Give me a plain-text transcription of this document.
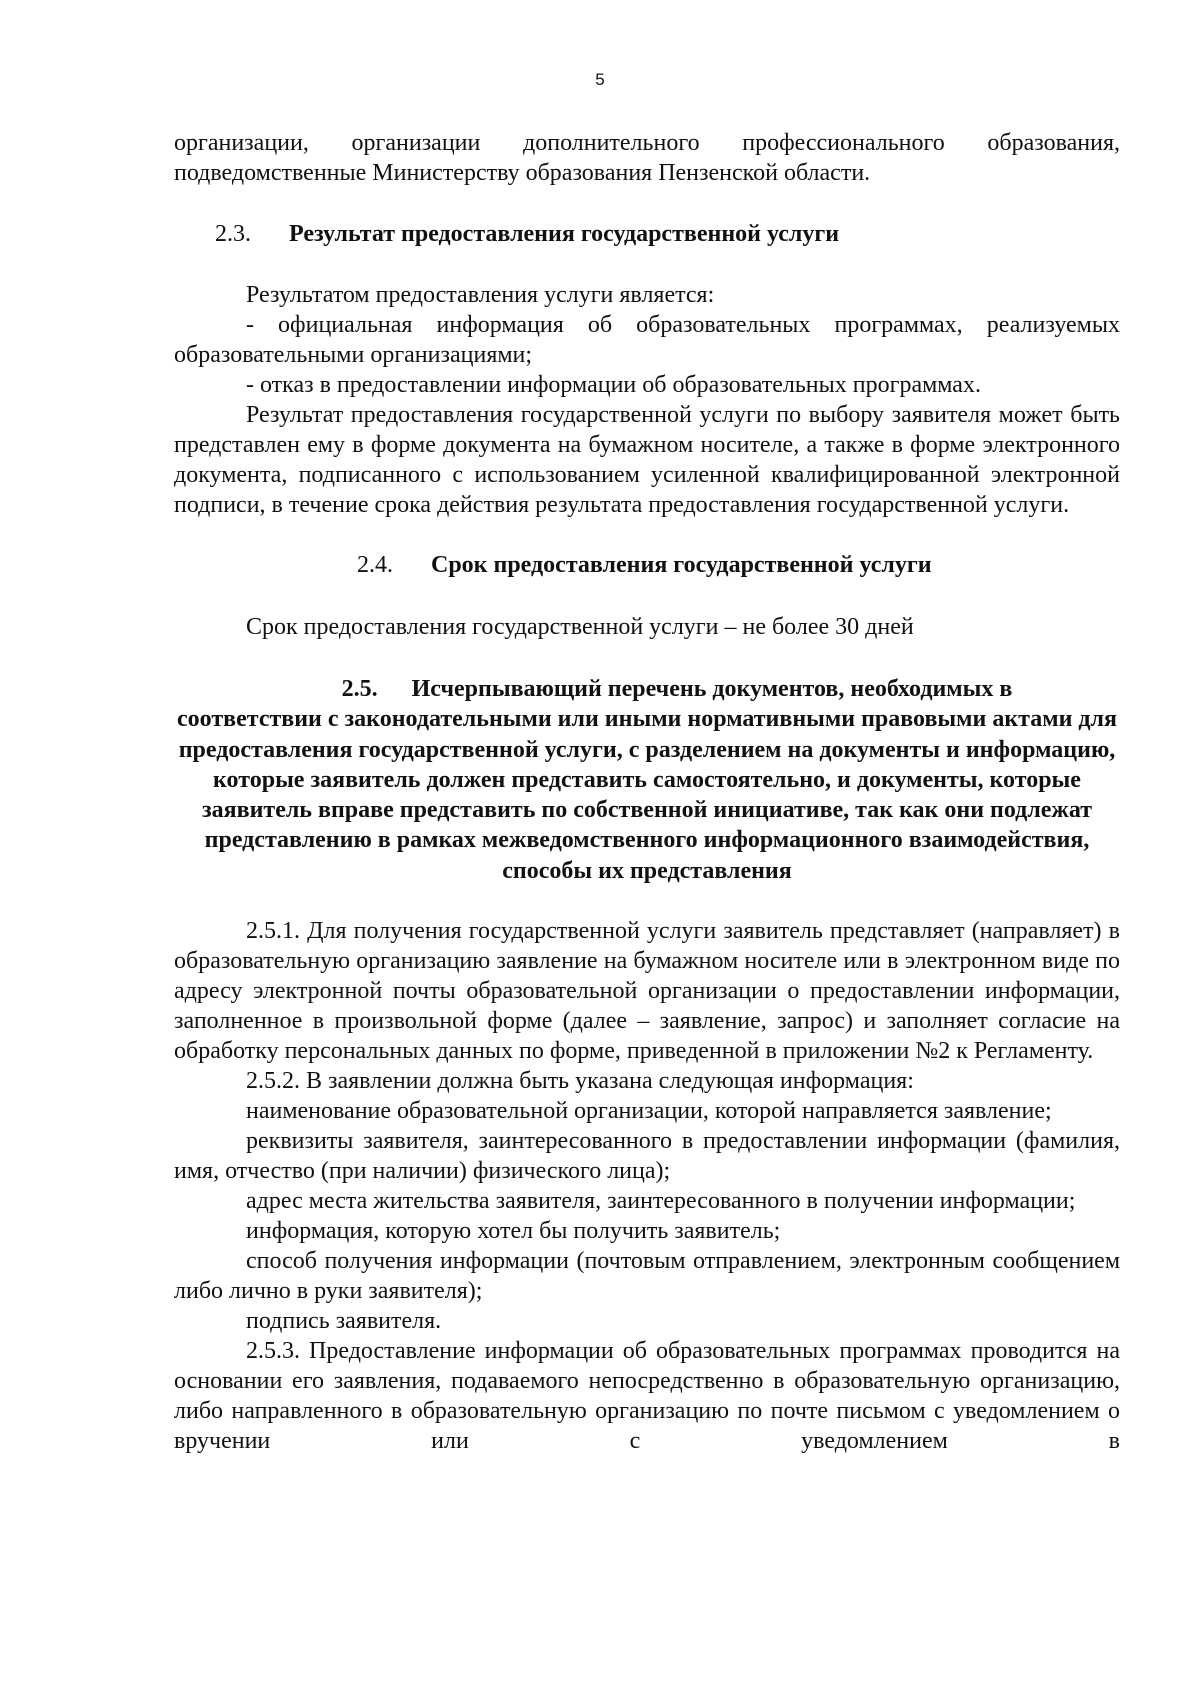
5

организации, организации дополнительного профессионального образования,

подведомственные Министерству образования Пензенской области.

2.3. Результат предоставления государственной услуги

Результатом предоставления услуги является:

- официальная информация об образовательных программах, реализуемых образовательными организациями;

- отказ в предоставлении информации об образовательных программах.

Результат предоставления государственной услуги по выбору заявителя может быть представлен ему в форме документа на бумажном носителе, а также в форме электронного документа, подписанного с использованием усиленной квалифицированной электронной подписи, в течение срока действия результата предоставления государственной услуги.

2.4. Срок предоставления государственной услуги

Срок предоставления государственной услуги – не более 30 дней

2.5. Исчерпывающий перечень документов, необходимых в
соответствии с законодательными или иными нормативными правовыми актами для предоставления государственной услуги, с разделением на документы и информацию, которые заявитель должен представить самостоятельно, и документы, которые заявитель вправе представить по собственной инициативе, так как они подлежат представлению в рамках межведомственного информационного взаимодействия, способы их представления

2.5.1. Для получения государственной услуги заявитель представляет (направляет) в образовательную организацию заявление на бумажном носителе или в электронном виде по адресу электронной почты образовательной организации о предоставлении информации, заполненное в произвольной форме (далее – заявление, запрос) и заполняет согласие на обработку персональных данных по форме, приведенной в приложении №2 к Регламенту.

2.5.2. В заявлении должна быть указана следующая информация:

наименование образовательной организации, которой направляется заявление;

реквизиты заявителя, заинтересованного в предоставлении информации (фамилия, имя, отчество (при наличии) физического лица);

адрес места жительства заявителя, заинтересованного в получении информации;

информация, которую хотел бы получить заявитель;

способ получения информации (почтовым отправлением, электронным сообщением либо лично в руки заявителя);

подпись заявителя.

2.5.3. Предоставление информации об образовательных программах проводится на основании его заявления, подаваемого непосредственно в образовательную организацию, либо направленного в образовательную организацию по почте письмом с уведомлением о вручении или с уведомлением в
